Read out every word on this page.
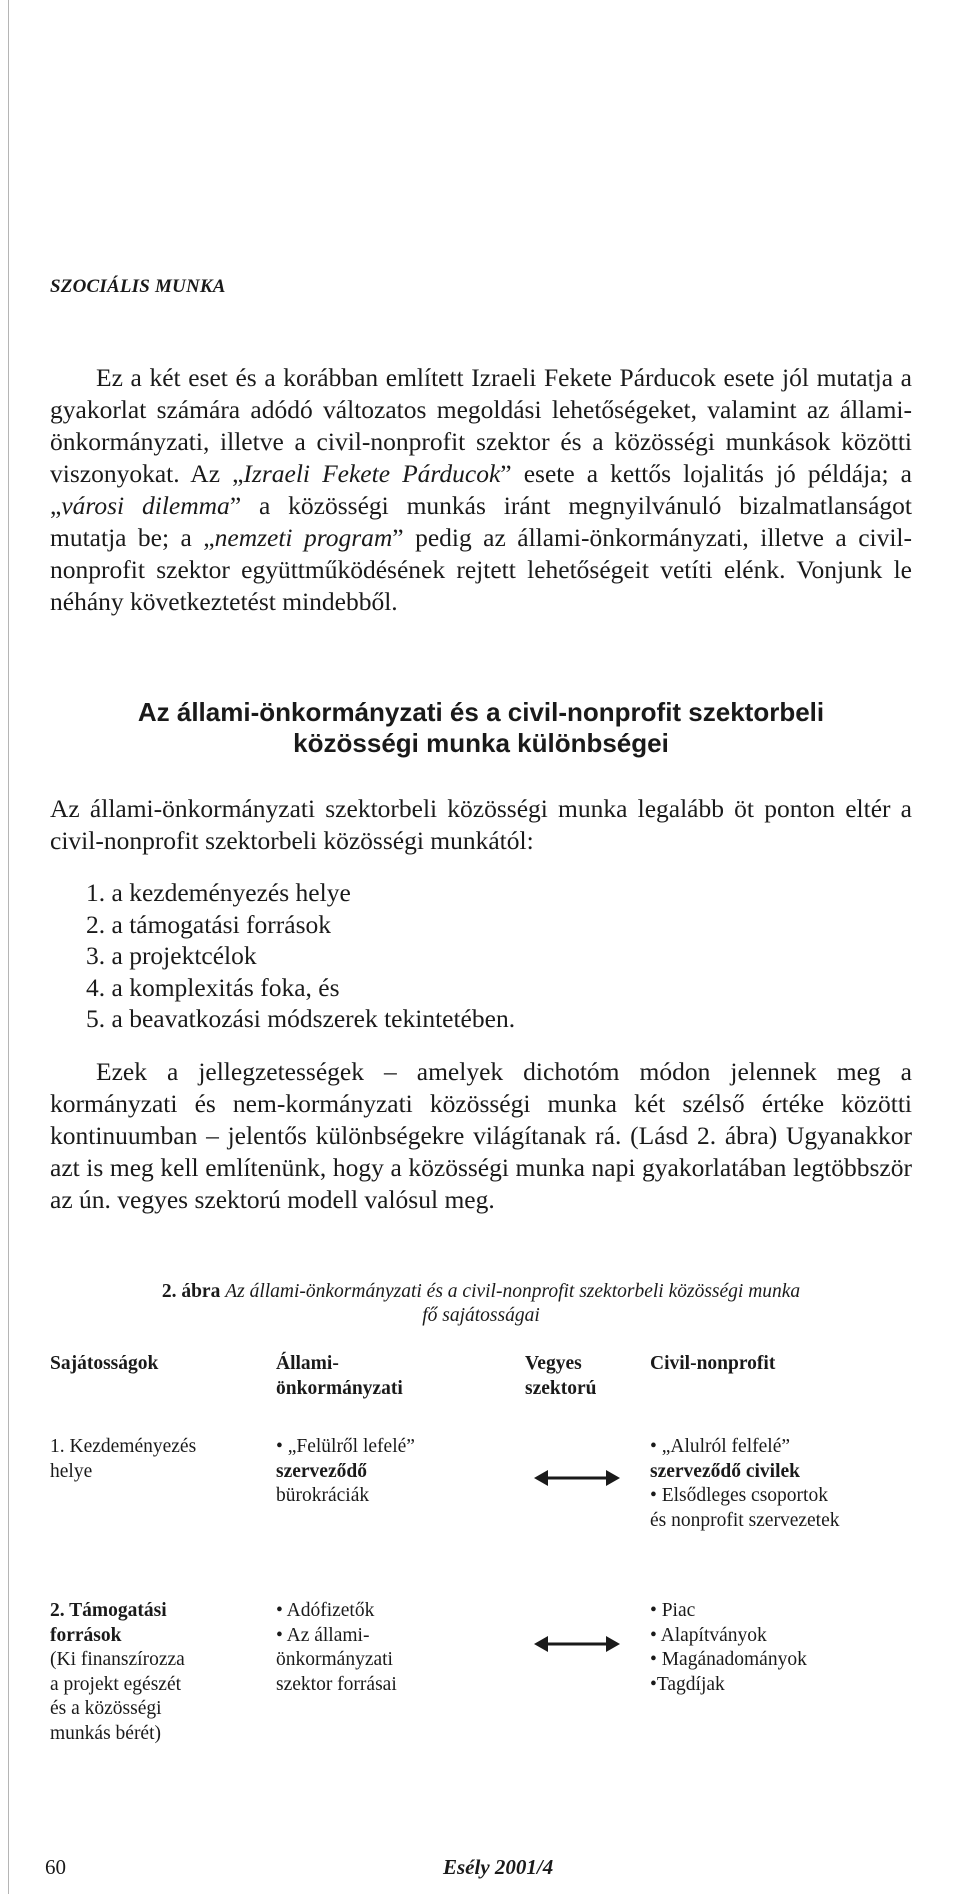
SZOCIÁLIS MUNKA

Ez a két eset és a korábban említett Izraeli Fekete Párducok esete jól mutatja a gyakorlat számára adódó változatos megoldási lehetőségeket, valamint az állami-önkormányzati, illetve a civil-nonprofit szektor és a közösségi munkások közötti viszonyokat. Az „Izraeli Fekete Párducok” esete a kettős lojalitás jó példája; a „városi dilemma” a közösségi munkás iránt megnyilvánuló bizalmatlanságot mutatja be; a „nemzeti program” pedig az állami-önkormányzati, illetve a civil-nonprofit szektor együttműködésének rejtett lehetőségeit vetíti elénk. Vonjunk le néhány következtetést mindebből.

Az állami-önkormányzati és a civil-nonprofit szektorbeli
közösségi munka különbségei

Az állami-önkormányzati szektorbeli közösségi munka legalább öt ponton eltér a civil-nonprofit szektorbeli közösségi munkától:

1. a kezdeményezés helye
2. a támogatási források
3. a projektcélok
4. a komplexitás foka, és
5. a beavatkozási módszerek tekintetében.

Ezek a jellegzetességek – amelyek dichotóm módon jelennek meg a kormányzati és nem-kormányzati közösségi munka két szélső értéke közötti kontinuumban – jelentős különbségekre világítanak rá. (Lásd 2. ábra) Ugyanakkor azt is meg kell említenünk, hogy a közösségi munka napi gyakorlatában legtöbbször az ún. vegyes szektorú modell valósul meg.

2. ábra Az állami-önkormányzati és a civil-nonprofit szektorbeli közösségi munka
fő sajátosságai
Sajátosságok	Állami-
önkormányzati
Vegyes
szektorú
Civil-nonprofit

1. Kezdeményezés

helye

• „Felülről lefelé”

szerveződő

bürokráciák

• „Alulról felfelé”

szerveződő civilek

• Elsődleges csoportok

és nonprofit szervezetek

2. Támogatási

források

(Ki finanszírozza

a projekt egészét

és a közösségi

munkás bérét)

• Adófizetők

• Az állami-

önkormányzati

szektor forrásai

• Piac

• Alapítványok

• Magánadományok

•Tagdíjak

60	Esély 2001/4
